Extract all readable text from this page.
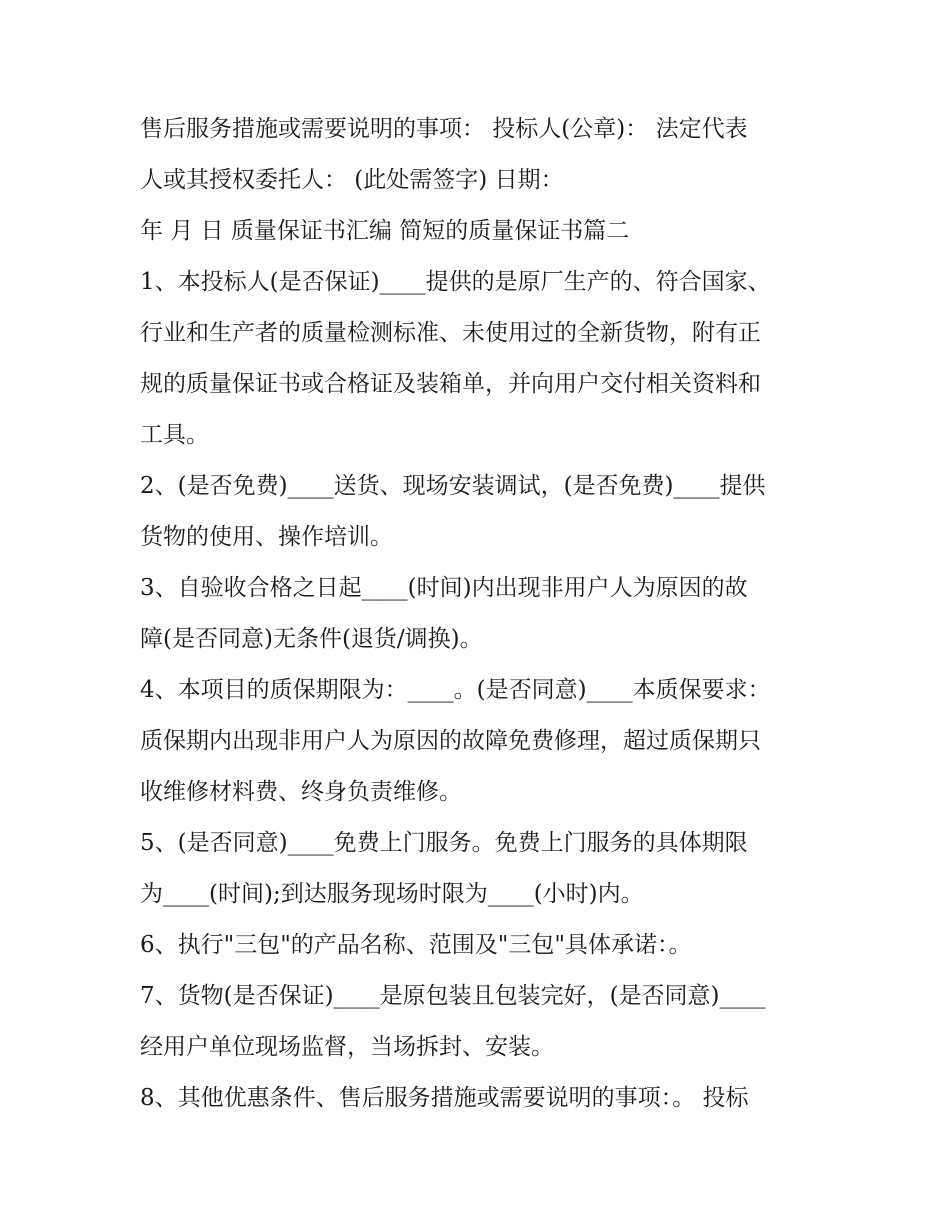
售后服务措施或需要说明的事项： 投标人(公章)： 法定代表
人或其授权委托人： (此处需签字) 日期：
年 月 日 质量保证书汇编 简短的质量保证书篇二
1、本投标人(是否保证)____提供的是原厂生产的、符合国家、
行业和生产者的质量检测标准、未使用过的全新货物，附有正
规的质量保证书或合格证及装箱单，并向用户交付相关资料和
工具。
2、(是否免费)____送货、现场安装调试，(是否免费)____提供
货物的使用、操作培训。
3、自验收合格之日起____(时间)内出现非用户人为原因的故
障(是否同意)无条件(退货/调换)。
4、本项目的质保期限为：____。(是否同意)____本质保要求：
质保期内出现非用户人为原因的故障免费修理，超过质保期只
收维修材料费、终身负责维修。
5、(是否同意)____免费上门服务。免费上门服务的具体期限
为____(时间);到达服务现场时限为____(小时)内。
6、执行"三包"的产品名称、范围及"三包"具体承诺：。
7、货物(是否保证)____是原包装且包装完好，(是否同意)____
经用户单位现场监督，当场拆封、安装。
8、其他优惠条件、售后服务措施或需要说明的事项：。 投标
